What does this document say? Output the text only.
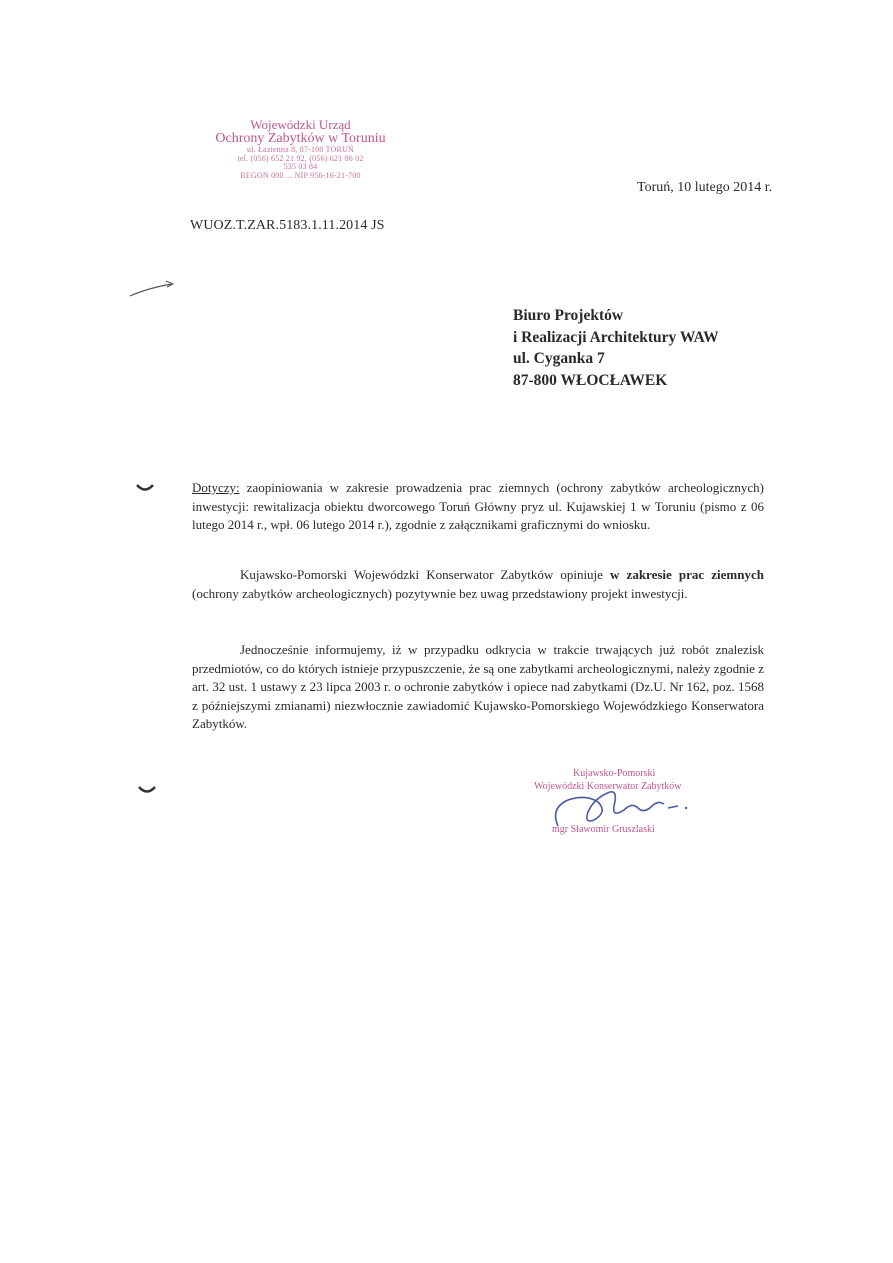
Wojewódzki Urząd
Ochrony Zabytków w Toruniu
ul. Łazienna 8, 87-100 TORUŃ
tel. (056) 652 21 92, (056) 621 06 02
535 03 84
REGON 000 ... NIP 956-16-21-700
Toruń, 10 lutego 2014 r.
WUOZ.T.ZAR.5183.1.11.2014 JS
Biuro Projektów
i Realizacji Architektury WAW
ul. Cyganka 7
87-800 WŁOCŁAWEK
Dotyczy: zaopiniowania w zakresie prowadzenia prac ziemnych (ochrony zabytków archeologicznych) inwestycji: rewitalizacja obiektu dworcowego Toruń Główny pryz ul. Kujawskiej 1 w Toruniu (pismo z 06 lutego 2014 r., wpł. 06 lutego 2014 r.), zgodnie z załącznikami graficznymi do wniosku.
Kujawsko-Pomorski Wojewódzki Konserwator Zabytków opiniuje w zakresie prac ziemnych (ochrony zabytków archeologicznych) pozytywnie bez uwag przedstawiony projekt inwestycji.
Jednocześnie informujemy, iż w przypadku odkrycia w trakcie trwających już robót znalezisk przedmiotów, co do których istnieje przypuszczenie, że są one zabytkami archeologicznymi, należy zgodnie z art. 32 ust. 1 ustawy z 23 lipca 2003 r. o ochronie zabytków i opiece nad zabytkami (Dz.U. Nr 162, poz. 1568 z późniejszymi zmianami) niezwłocznie zawiadomić Kujawsko-Pomorskiego Wojewódzkiego Konserwatora Zabytków.
Kujawsko-Pomorski
Wojewódzki Konserwator Zabytków
mgr Sławomir Gruszlaski
